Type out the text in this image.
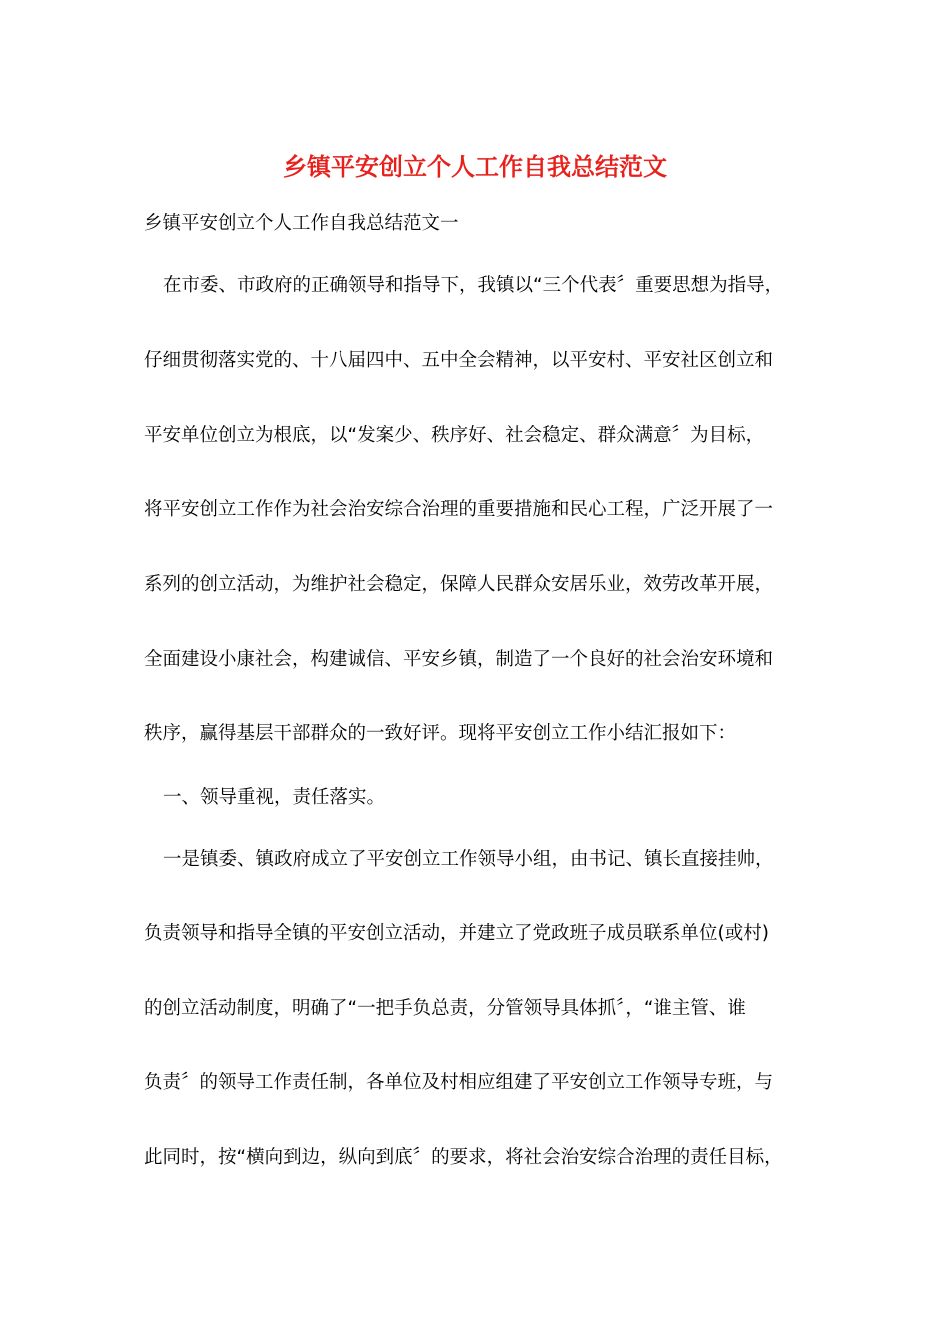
乡镇平安创立个人工作自我总结范文
乡镇平安创立个人工作自我总结范文一
在市委、市政府的正确领导和指导下，我镇以“三个代表〞重要思想为指导，
仔细贯彻落实党的、十八届四中、五中全会精神，以平安村、平安社区创立和
平安单位创立为根底，以“发案少、秩序好、社会稳定、群众满意〞为目标，
将平安创立工作作为社会治安综合治理的重要措施和民心工程，广泛开展了一
系列的创立活动，为维护社会稳定，保障人民群众安居乐业，效劳改革开展，
全面建设小康社会，构建诚信、平安乡镇，制造了一个良好的社会治安环境和
秩序，赢得基层干部群众的一致好评。现将平安创立工作小结汇报如下：
一、领导重视，责任落实。
一是镇委、镇政府成立了平安创立工作领导小组，由书记、镇长直接挂帅，
负责领导和指导全镇的平安创立活动，并建立了党政班子成员联系单位(或村)
的创立活动制度，明确了“一把手负总责，分管领导具体抓〞，“谁主管、谁
负责〞的领导工作责任制，各单位及村相应组建了平安创立工作领导专班，与
此同时，按“横向到边，纵向到底〞的要求，将社会治安综合治理的责任目标，
